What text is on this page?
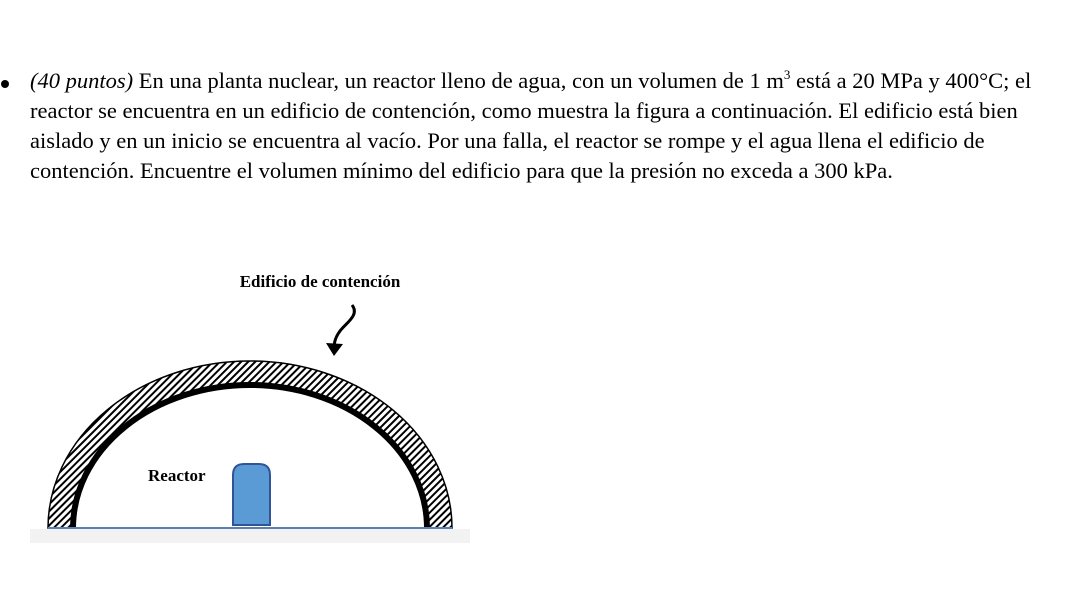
(40 puntos) En una planta nuclear, un reactor lleno de agua, con un volumen de 1 $m^3$ está a 20 MPa y 400°C; el reactor se encuentra en un edificio de contención, como muestra la figura a continuación. El edificio está bien aislado y en un inicio se encuentra al vacío. Por una falla, el reactor se rompe y el agua llena el edificio de contención. Encuentre el volumen mínimo del edificio para que la presión no exceda a 300 kPa.
Edificio de contención
Reactor
